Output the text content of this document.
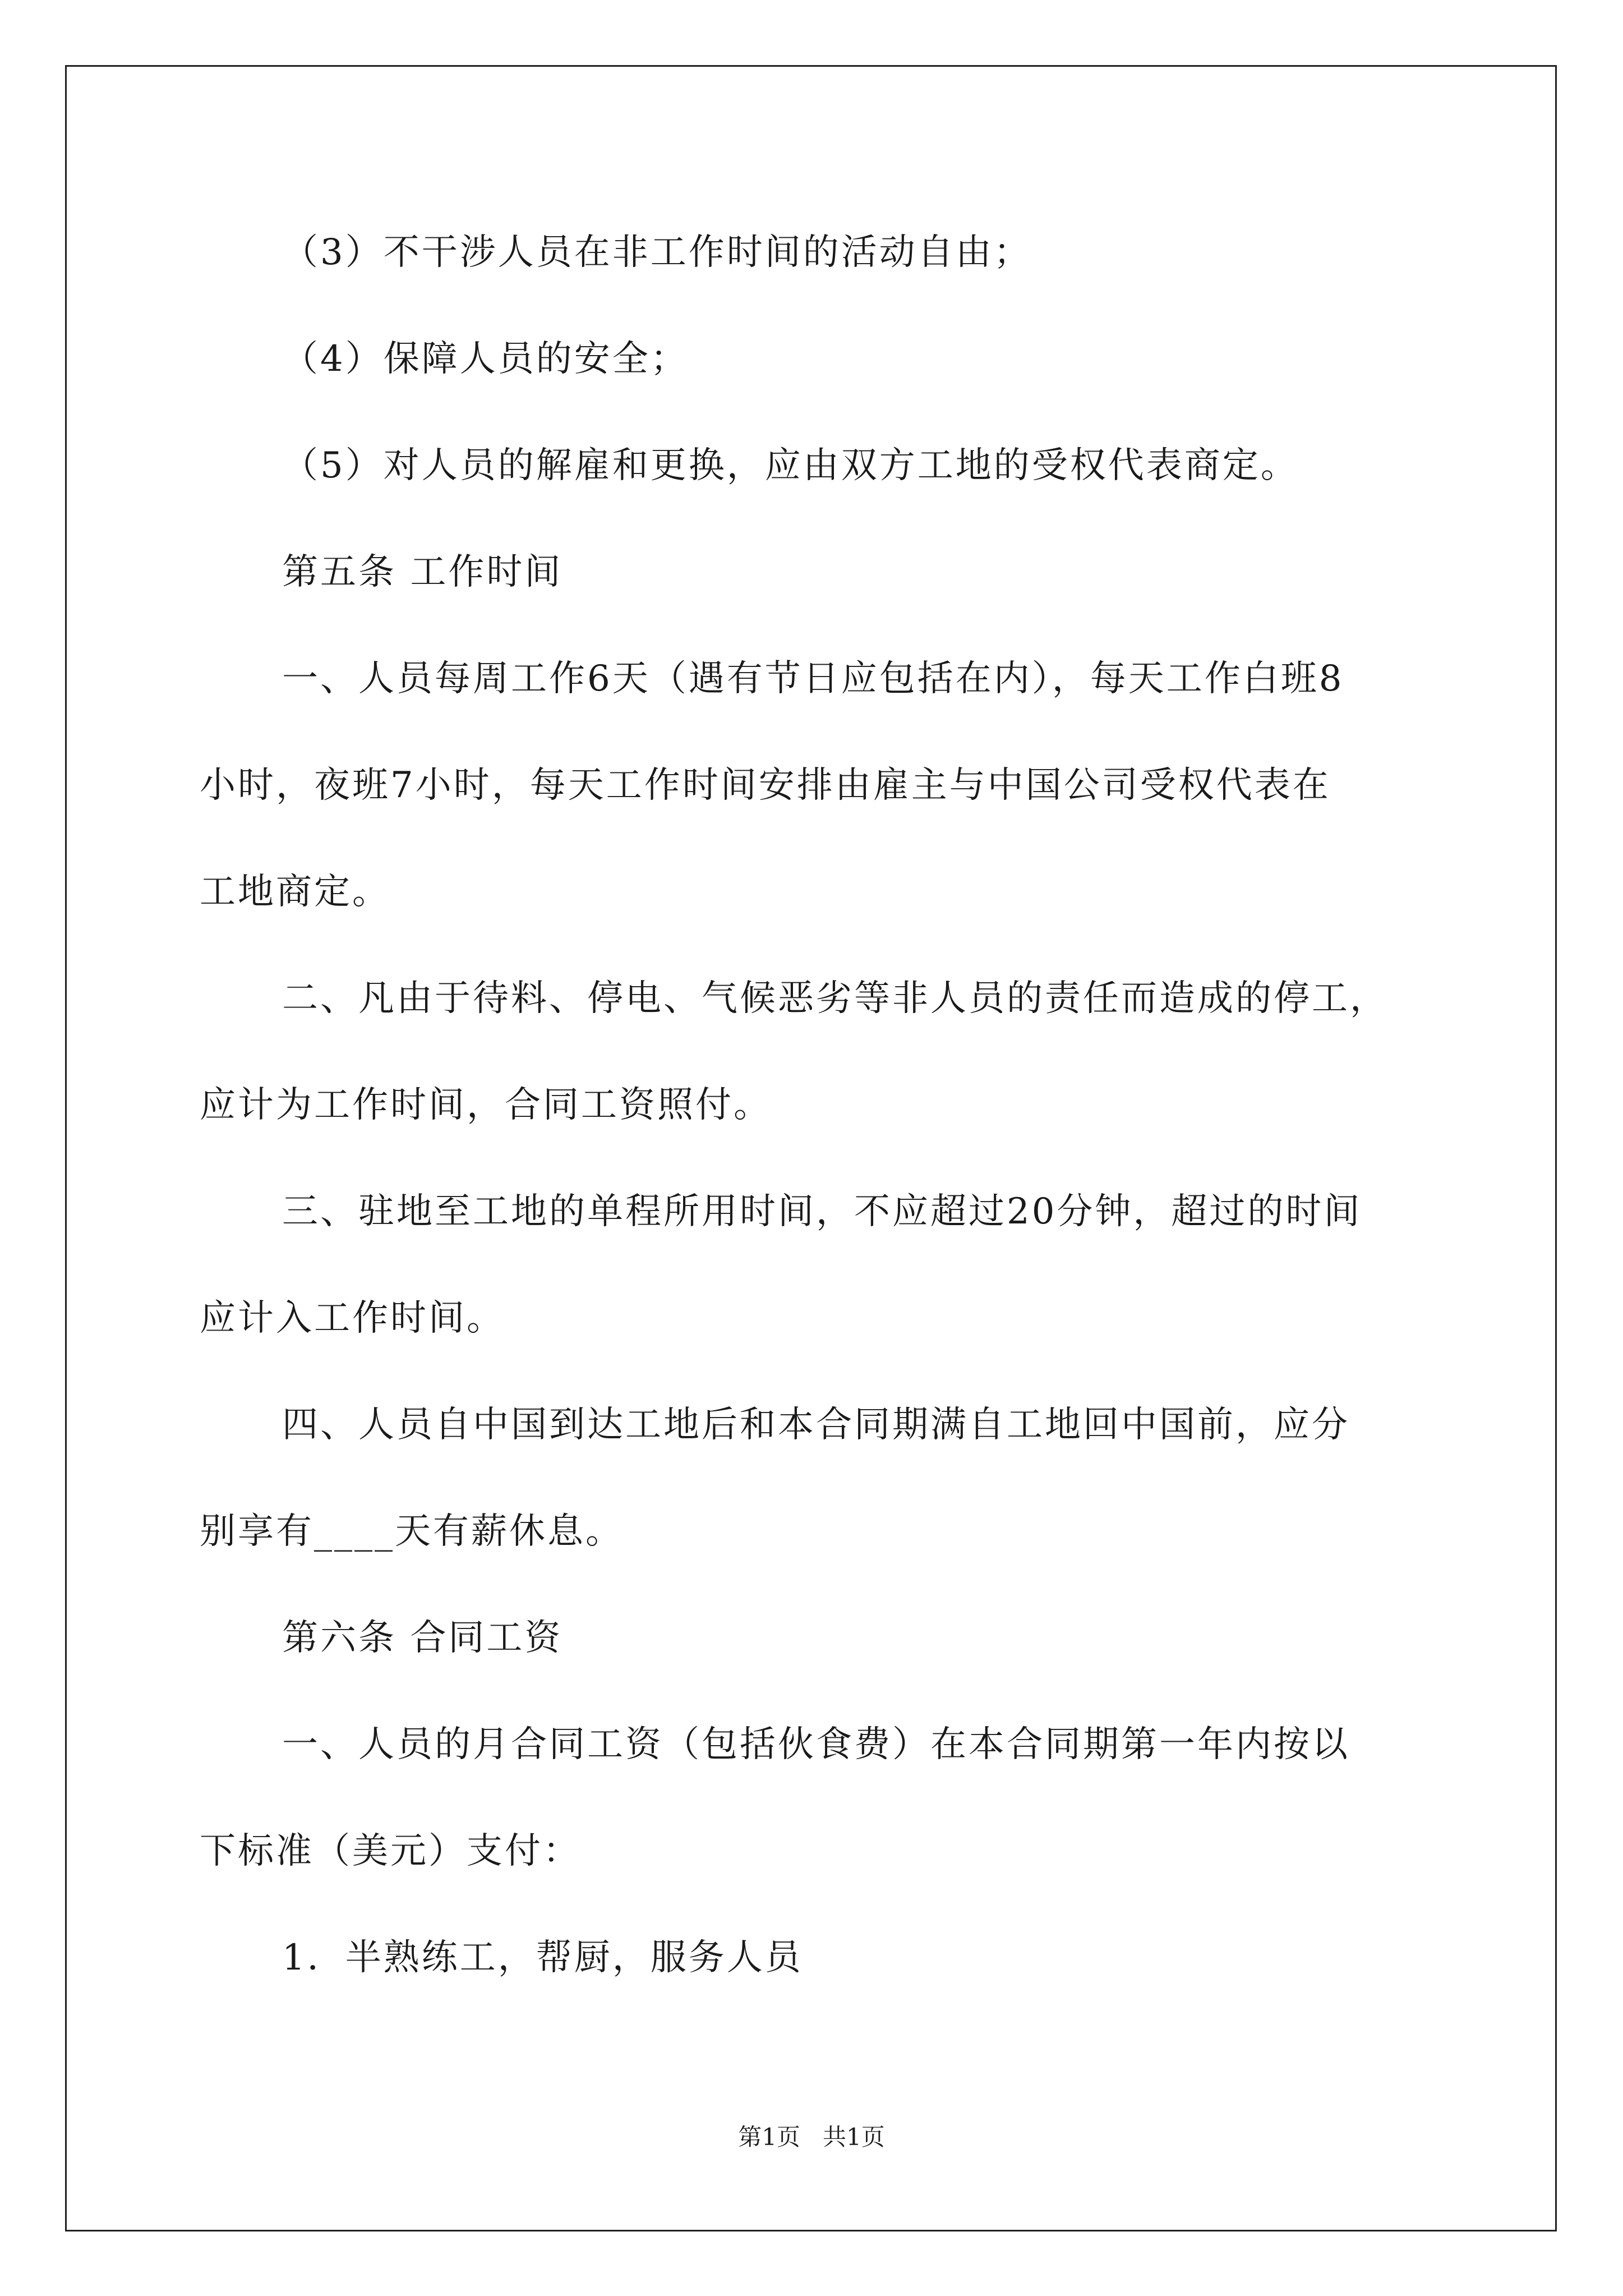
（3）不干涉人员在非工作时间的活动自由；
（4）保障人员的安全；
（5）对人员的解雇和更换，应由双方工地的受权代表商定。
第五条 工作时间
一、人员每周工作6天（遇有节日应包括在内），每天工作白班8
小时，夜班7小时，每天工作时间安排由雇主与中国公司受权代表在
工地商定。
二、凡由于待料、停电、气候恶劣等非人员的责任而造成的停工，
应计为工作时间，合同工资照付。
三、驻地至工地的单程所用时间，不应超过20分钟，超过的时间
应计入工作时间。
四、人员自中国到达工地后和本合同期满自工地回中国前，应分
别享有____天有薪休息。
第六条 合同工资
一、人员的月合同工资（包括伙食费）在本合同期第一年内按以
下标准（美元）支付：
1．半熟练工，帮厨，服务人员
第1页   共1页
